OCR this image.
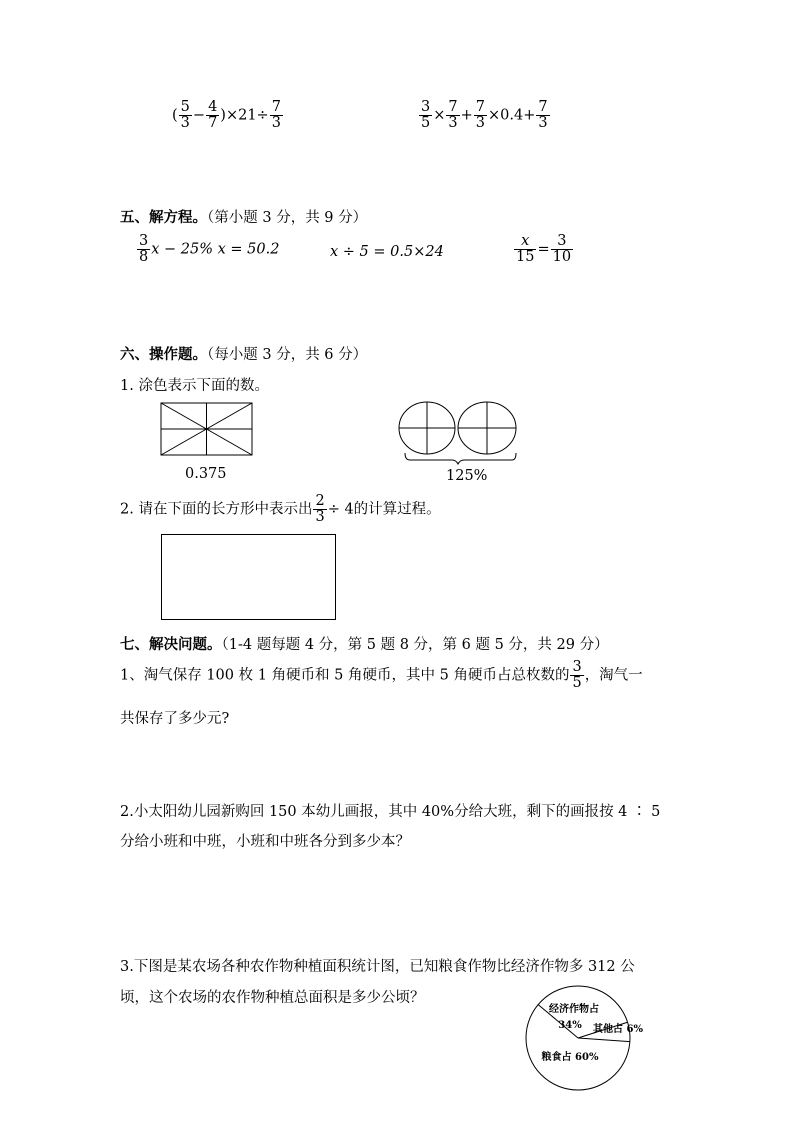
( $\frac{5}{3} - \frac{4}{7} )\times 21\div \frac{7}{3}$	$\frac{3}{5} \times \frac{7}{3} + \frac{7}{3} \times 0.4+ \frac{7}{3}$
五、解方程。（第小题 3 分，共 9 分）
$\frac{3}{8}$ x − 25% x = 50.2	x ÷ 5 = 0.5×24	$\frac{x}{15} = \frac{3}{10}$
六、操作题。（每小题 3 分，共 6 分）
1. 涂色表示下面的数。
0.375	125%
2. 请在下面的长方形中表示出 $\frac{2}{3} \div 4$的计算过程。
七、解决问题。（1-4 题每题 4 分，第 5 题 8 分，第 6 题 5 分，共 29 分）
1、淘气保存 100 枚 1 角硬币和 5 角硬币，其中 5 角硬币占总枚数的 $\frac{3}{5}$ ，淘气一
共保存了多少元?
2.小太阳幼儿园新购回 150 本幼儿画报，其中 40%分给大班，剩下的画报按 4 ∶ 5
分给小班和中班，小班和中班各分到多少本？
3.下图是某农场各种农作物种植面积统计图，已知粮食作物比经济作物多 312 公
顷，这个农场的农作物种植总面积是多少公顷？
经济作物占
34% 其他占 6%
粮食占 60%
